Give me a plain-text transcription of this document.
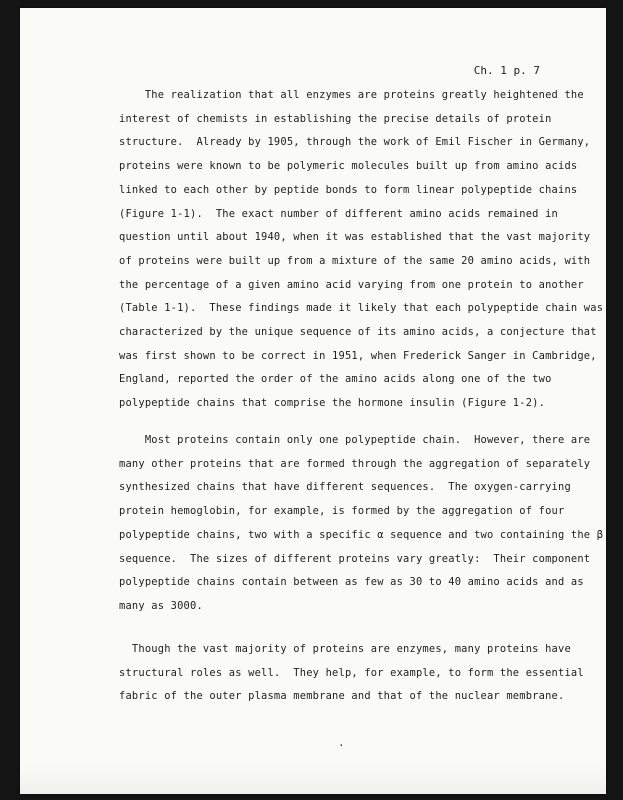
Ch. 1 p. 7
The realization that all enzymes are proteins greatly heightened the
interest of chemists in establishing the precise details of protein
structure.  Already by 1905, through the work of Emil Fischer in Germany,
proteins were known to be polymeric molecules built up from amino acids
linked to each other by peptide bonds to form linear polypeptide chains
(Figure 1-1).  The exact number of different amino acids remained in
question until about 1940, when it was established that the vast majority
of proteins were built up from a mixture of the same 20 amino acids, with
the percentage of a given amino acid varying from one protein to another
(Table 1-1).  These findings made it likely that each polypeptide chain was
characterized by the unique sequence of its amino acids, a conjecture that
was first shown to be correct in 1951, when Frederick Sanger in Cambridge,
England, reported the order of the amino acids along one of the two
polypeptide chains that comprise the hormone insulin (Figure 1-2).
Most proteins contain only one polypeptide chain.  However, there are
many other proteins that are formed through the aggregation of separately
synthesized chains that have different sequences.  The oxygen-carrying
protein hemoglobin, for example, is formed by the aggregation of four
polypeptide chains, two with a specific α sequence and two containing the β
sequence.  The sizes of different proteins vary greatly:  Their component
polypeptide chains contain between as few as 30 to 40 amino acids and as
many as 3000.
Though the vast majority of proteins are enzymes, many proteins have
structural roles as well.  They help, for example, to form the essential
fabric of the outer plasma membrane and that of the nuclear membrane.
.
